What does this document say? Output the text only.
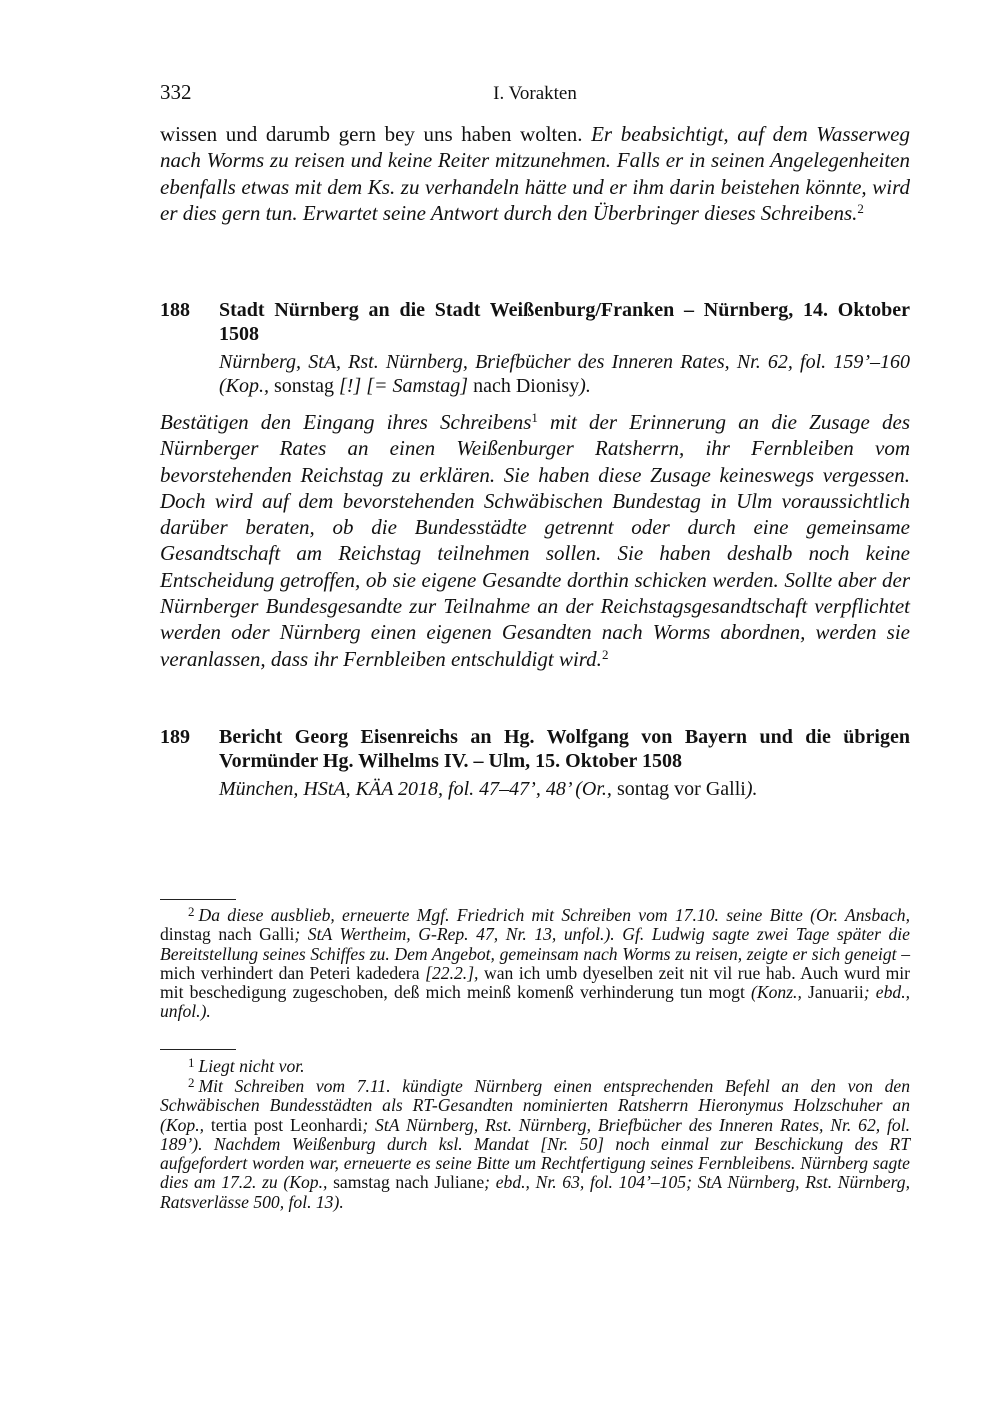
332	I. Vorakten

wissen und darumb gern bey uns haben wolten. Er beabsichtigt, auf dem Wasserweg nach Worms zu reisen und keine Reiter mitzunehmen. Falls er in seinen Angelegenheiten ebenfalls etwas mit dem Ks. zu verhandeln hätte und er ihm darin beistehen könnte, wird er dies gern tun. Erwartet seine Antwort durch den Überbringer dieses Schreibens.$^2$

188 Stadt Nürnberg an die Stadt Weißenburg/Franken – Nürnberg, 14. Oktober 1508
Nürnberg, StA, Rst. Nürnberg, Briefbücher des Inneren Rates, Nr. 62, fol. 159’–160 (Kop., sonstag [!] [= Samstag] nach Dionisy).

Bestätigen den Eingang ihres Schreibens$^1$ mit der Erinnerung an die Zusage des Nürnberger Rates an einen Weißenburger Ratsherrn, ihr Fernbleiben vom bevorstehenden Reichstag zu erklären. Sie haben diese Zusage keineswegs vergessen. Doch wird auf dem bevorstehenden Schwäbischen Bundestag in Ulm voraussichtlich darüber beraten, ob die Bundesstädte getrennt oder durch eine gemeinsame Gesandtschaft am Reichstag teilnehmen sollen. Sie haben deshalb noch keine Entscheidung getroffen, ob sie eigene Gesandte dorthin schicken werden. Sollte aber der Nürnberger Bundesgesandte zur Teilnahme an der Reichstagsgesandtschaft verpflichtet werden oder Nürnberg einen eigenen Gesandten nach Worms abordnen, werden sie veranlassen, dass ihr Fernbleiben entschuldigt wird.$^2$

189 Bericht Georg Eisenreichs an Hg. Wolfgang von Bayern und die übrigen Vormünder Hg. Wilhelms IV. – Ulm, 15. Oktober 1508
München, HStA, KÄA 2018, fol. 47–47’, 48’ (Or., sontag vor Galli).
$^2$ Da diese ausblieb, erneuerte Mgf. Friedrich mit Schreiben vom 17.10. seine Bitte (Or. Ansbach, dinstag nach Galli; StA Wertheim, G-Rep. 47, Nr. 13, unfol.). Gf. Ludwig sagte zwei Tage später die Bereitstellung seines Schiffes zu. Dem Angebot, gemeinsam nach Worms zu reisen, zeigte er sich geneigt – mich verhindert dan Peteri kadedera [22.2.], wan ich umb dyeselben zeit nit vil rue hab. Auch wurd mir mit beschedigung zugeschoben, deß mich meinß komenß verhinderung tun mogt (Konz., Januarii; ebd., unfol.).
$^1$ Liegt nicht vor.
$^2$ Mit Schreiben vom 7.11. kündigte Nürnberg einen entsprechenden Befehl an den von den Schwäbischen Bundesstädten als RT-Gesandten nominierten Ratsherrn Hieronymus Holzschuher an (Kop., tertia post Leonhardi; StA Nürnberg, Rst. Nürnberg, Briefbücher des Inneren Rates, Nr. 62, fol. 189’). Nachdem Weißenburg durch ksl. Mandat [Nr. 50] noch einmal zur Beschickung des RT aufgefordert worden war, erneuerte es seine Bitte um Rechtfertigung seines Fernbleibens. Nürnberg sagte dies am 17.2. zu (Kop., samstag nach Juliane; ebd., Nr. 63, fol. 104’–105; StA Nürnberg, Rst. Nürnberg, Ratsverlässe 500, fol. 13).
